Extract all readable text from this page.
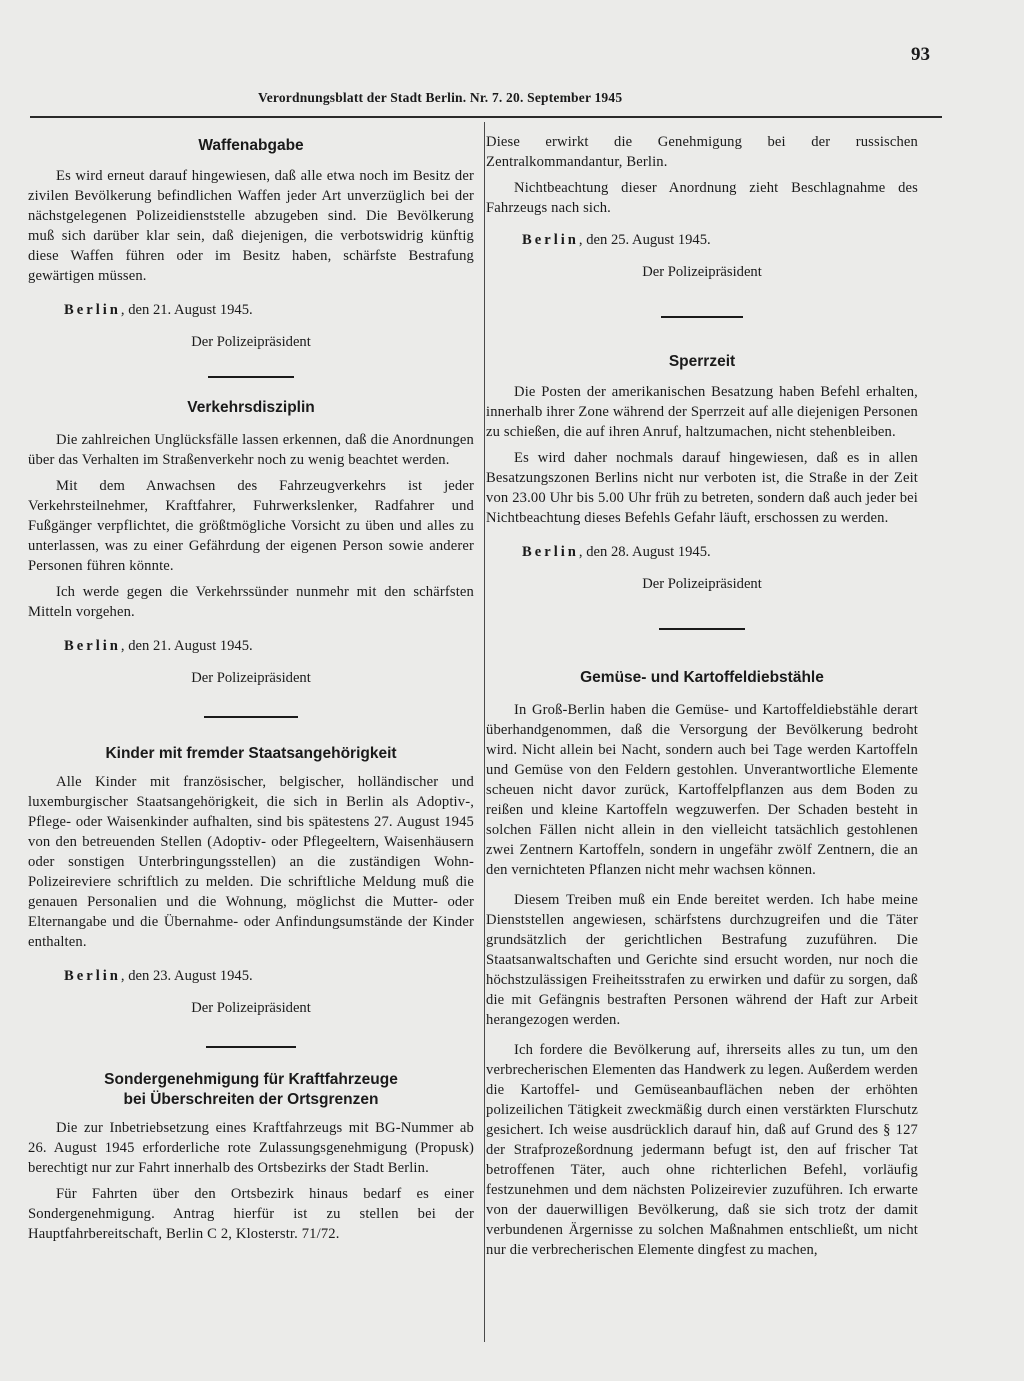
93
Verordnungsblatt der Stadt Berlin. Nr. 7. 20. September 1945
Waffenabgabe

Es wird erneut darauf hingewiesen, daß alle etwa noch im Besitz der zivilen Bevölkerung befindlichen Waffen jeder Art unverzüglich bei der nächstgelegenen Polizeidienststelle abzugeben sind. Die Bevölkerung muß sich darüber klar sein, daß diejenigen, die verbotswidrig künftig diese Waffen führen oder im Besitz haben, schärfste Bestrafung gewärtigen müssen.

Berlin, den 21. August 1945.

Der Polizeipräsident

Verkehrsdisziplin

Die zahlreichen Unglücksfälle lassen erkennen, daß die Anordnungen über das Verhalten im Straßenverkehr noch zu wenig beachtet werden.

Mit dem Anwachsen des Fahrzeugverkehrs ist jeder Verkehrsteilnehmer, Kraftfahrer, Fuhrwerkslenker, Radfahrer und Fußgänger verpflichtet, die größtmögliche Vorsicht zu üben und alles zu unterlassen, was zu einer Gefährdung der eigenen Person sowie anderer Personen führen könnte.

Ich werde gegen die Verkehrssünder nunmehr mit den schärfsten Mitteln vorgehen.

Berlin, den 21. August 1945.

Der Polizeipräsident

Kinder mit fremder Staatsangehörigkeit

Alle Kinder mit französischer, belgischer, holländischer und luxemburgischer Staatsangehörigkeit, die sich in Berlin als Adoptiv-, Pflege- oder Waisenkinder aufhalten, sind bis spätestens 27. August 1945 von den betreuenden Stellen (Adoptiv- oder Pflegeeltern, Waisenhäusern oder sonstigen Unterbringungsstellen) an die zuständigen Wohn-Polizeireviere schriftlich zu melden. Die schriftliche Meldung muß die genauen Personalien und die Wohnung, möglichst die Mutter- oder Elternangabe und die Übernahme- oder Anfindungsumstände der Kinder enthalten.

Berlin, den 23. August 1945.

Der Polizeipräsident

Sondergenehmigung für Kraftfahrzeuge
bei Überschreiten der Ortsgrenzen

Die zur Inbetriebsetzung eines Kraftfahrzeugs mit BG-Nummer ab 26. August 1945 erforderliche rote Zulassungsgenehmigung (Propusk) berechtigt nur zur Fahrt innerhalb des Ortsbezirks der Stadt Berlin.

Für Fahrten über den Ortsbezirk hinaus bedarf es einer Sondergenehmigung. Antrag hierfür ist zu stellen bei der Hauptfahrbereitschaft, Berlin C 2, Klosterstr. 71/72.

Diese erwirkt die Genehmigung bei der russischen Zentralkommandantur, Berlin.

Nichtbeachtung dieser Anordnung zieht Beschlagnahme des Fahrzeugs nach sich.

Berlin, den 25. August 1945.

Der Polizeipräsident

Sperrzeit

Die Posten der amerikanischen Besatzung haben Befehl erhalten, innerhalb ihrer Zone während der Sperrzeit auf alle diejenigen Personen zu schießen, die auf ihren Anruf, haltzumachen, nicht stehenbleiben.

Es wird daher nochmals darauf hingewiesen, daß es in allen Besatzungszonen Berlins nicht nur verboten ist, die Straße in der Zeit von 23.00 Uhr bis 5.00 Uhr früh zu betreten, sondern daß auch jeder bei Nichtbeachtung dieses Befehls Gefahr läuft, erschossen zu werden.

Berlin, den 28. August 1945.

Der Polizeipräsident

Gemüse- und Kartoffeldiebstähle

In Groß-Berlin haben die Gemüse- und Kartoffeldiebstähle derart überhandgenommen, daß die Versorgung der Bevölkerung bedroht wird. Nicht allein bei Nacht, sondern auch bei Tage werden Kartoffeln und Gemüse von den Feldern gestohlen. Unverantwortliche Elemente scheuen nicht davor zurück, Kartoffelpflanzen aus dem Boden zu reißen und kleine Kartoffeln wegzuwerfen. Der Schaden besteht in solchen Fällen nicht allein in den vielleicht tatsächlich gestohlenen zwei Zentnern Kartoffeln, sondern in ungefähr zwölf Zentnern, die an den vernichteten Pflanzen nicht mehr wachsen können.

Diesem Treiben muß ein Ende bereitet werden. Ich habe meine Dienststellen angewiesen, schärfstens durchzugreifen und die Täter grundsätzlich der gerichtlichen Bestrafung zuzuführen. Die Staatsanwaltschaften und Gerichte sind ersucht worden, nur noch die höchstzulässigen Freiheitsstrafen zu erwirken und dafür zu sorgen, daß die mit Gefängnis bestraften Personen während der Haft zur Arbeit herangezogen werden.

Ich fordere die Bevölkerung auf, ihrerseits alles zu tun, um den verbrecherischen Elementen das Handwerk zu legen. Außerdem werden die Kartoffel- und Gemüseanbauflächen neben der erhöhten polizeilichen Tätigkeit zweckmäßig durch einen verstärkten Flurschutz gesichert. Ich weise ausdrücklich darauf hin, daß auf Grund des § 127 der Strafprozeßordnung jedermann befugt ist, den auf frischer Tat betroffenen Täter, auch ohne richterlichen Befehl, vorläufig festzunehmen und dem nächsten Polizeirevier zuzuführen. Ich erwarte von der dauerwilligen Bevölkerung, daß sie sich trotz der damit verbundenen Ärgernisse zu solchen Maßnahmen entschließt, um nicht nur die verbrecherischen Elemente dingfest zu machen,
